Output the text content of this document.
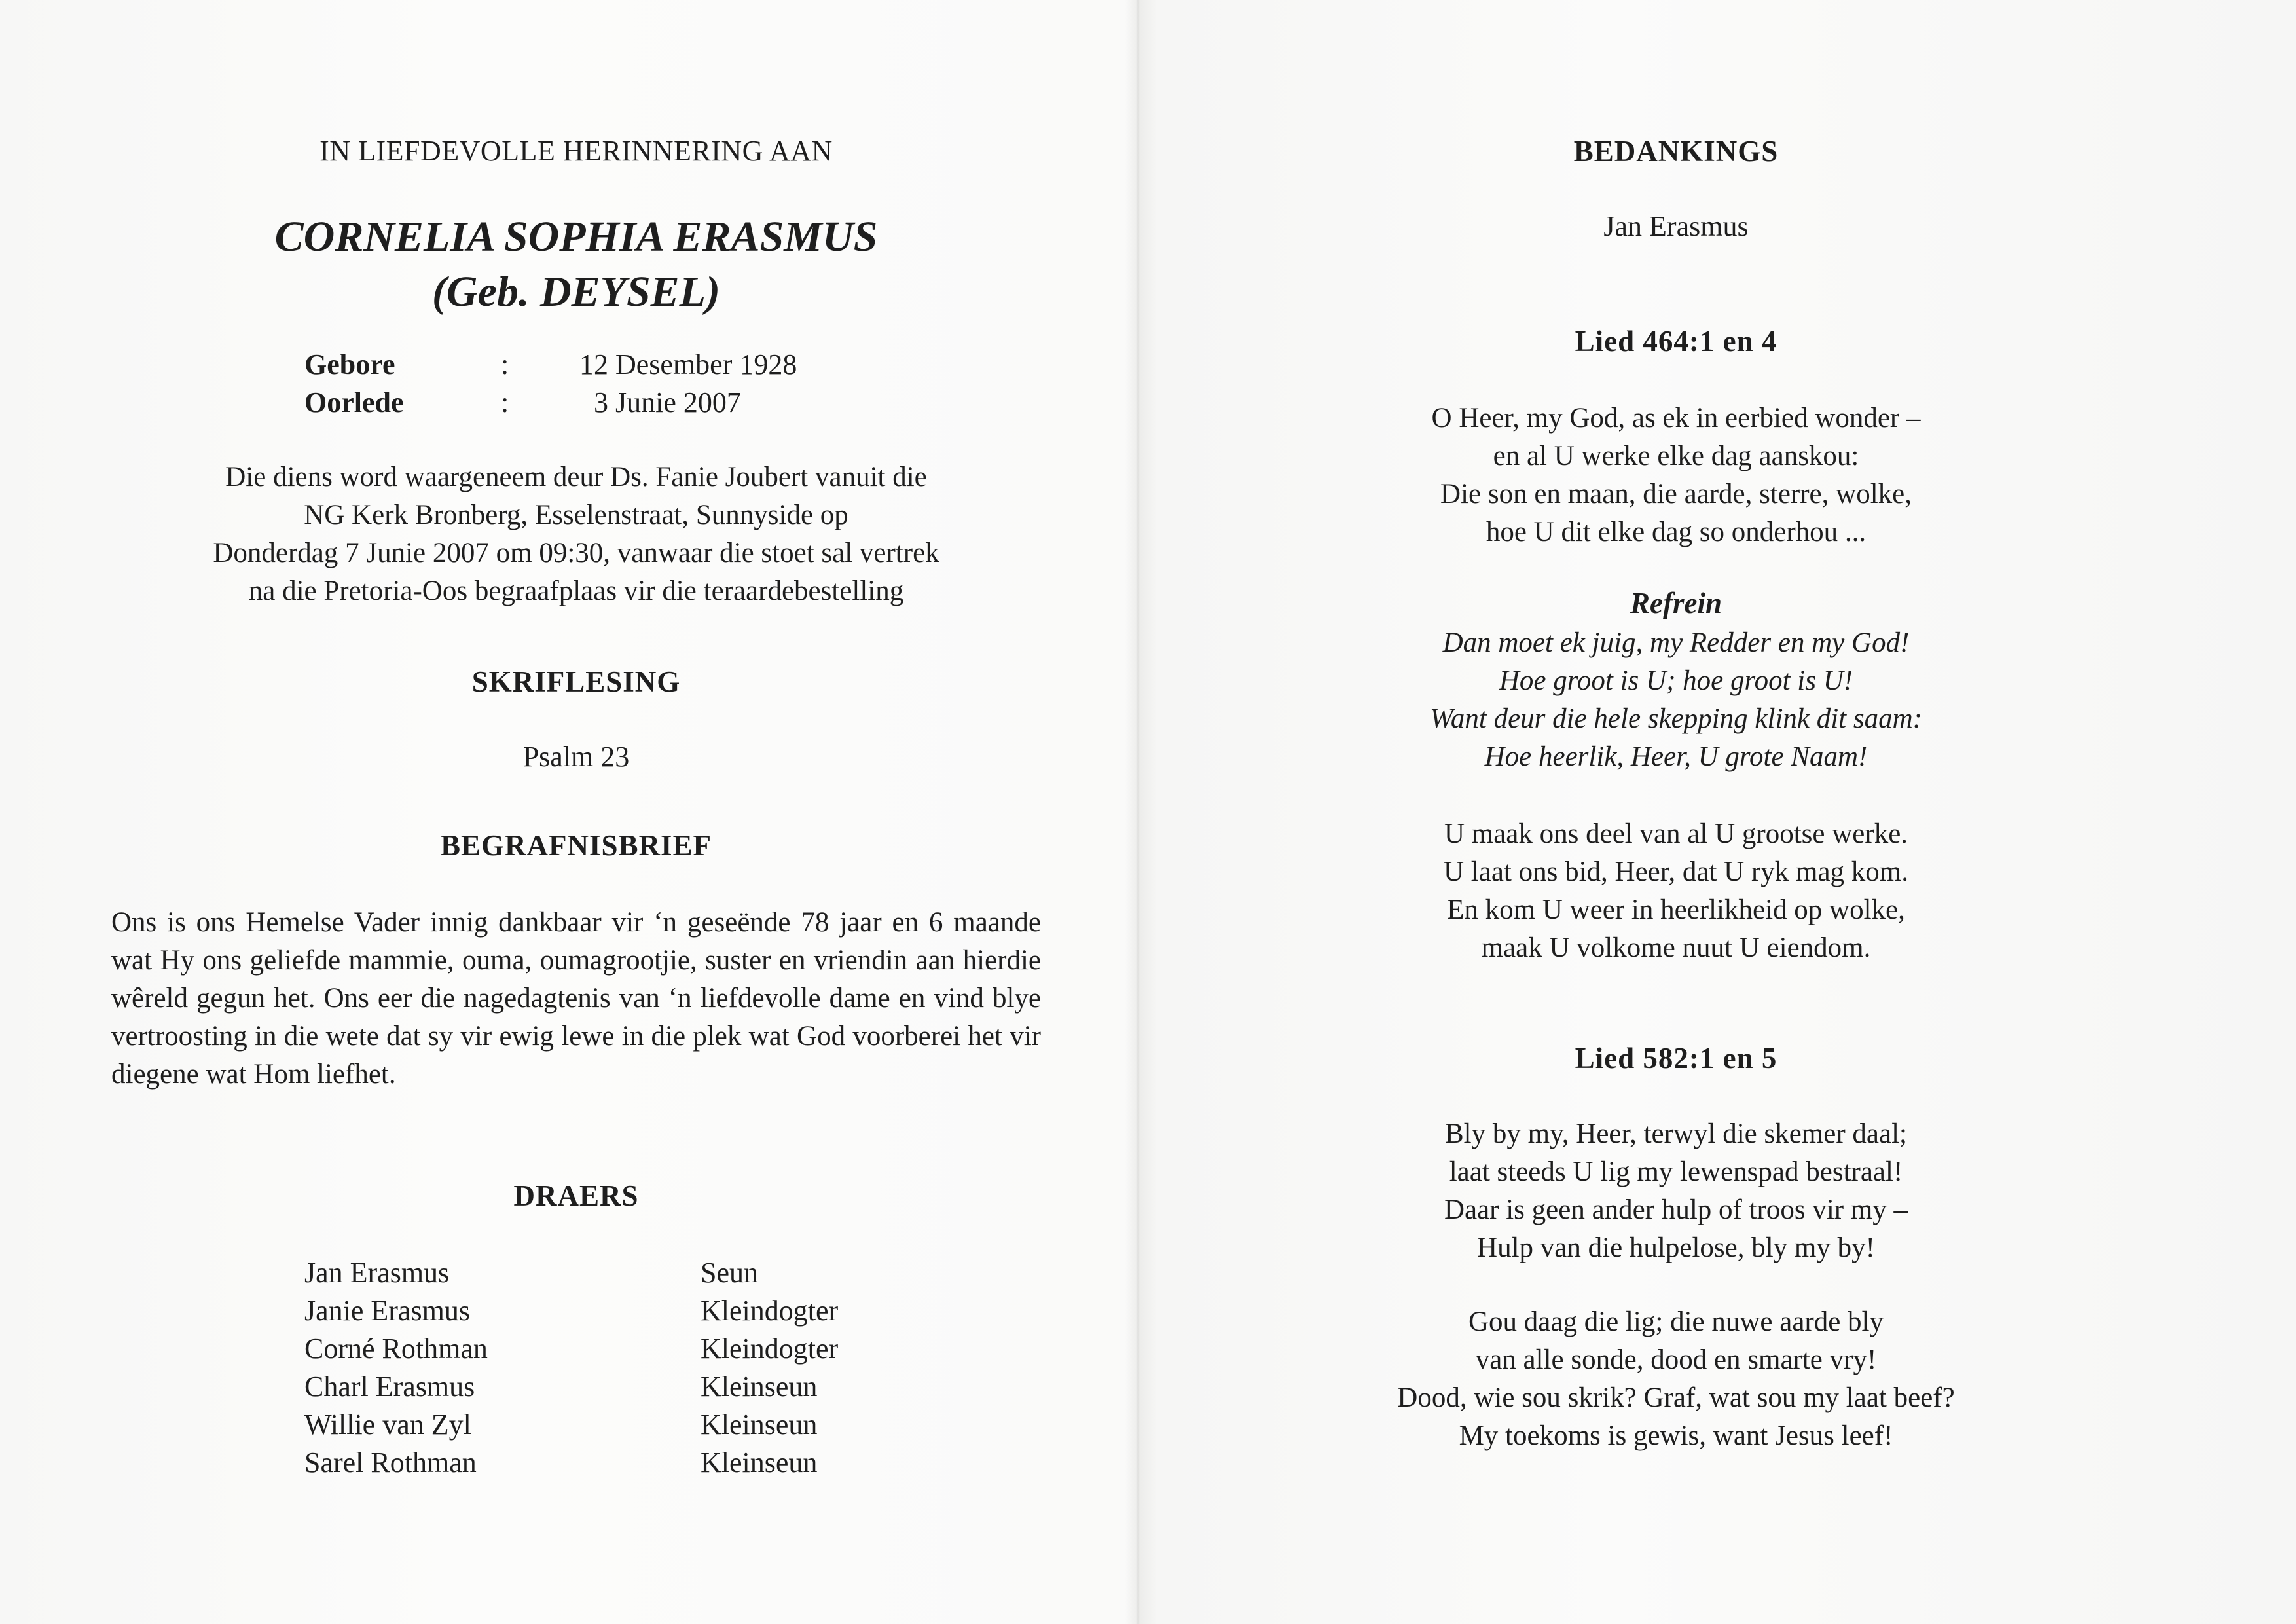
IN LIEFDEVOLLE HERINNERING AAN
CORNELIA SOPHIA ERASMUS
(Geb. DEYSEL)
Gebore	:	12 Desember 1928
Oorlede	:	3 Junie 2007
Die diens word waargeneem deur Ds. Fanie Joubert vanuit die
NG Kerk Bronberg, Esselenstraat, Sunnyside op
Donderdag 7 Junie 2007 om 09:30, vanwaar die stoet sal vertrek
na die Pretoria-Oos begraafplaas vir die teraardebestelling
SKRIFLESING
Psalm 23
BEGRAFNISBRIEF
Ons is ons Hemelse Vader innig dankbaar vir ‘n geseënde 78 jaar en 6 maande wat Hy ons geliefde mammie, ouma, oumagrootjie, suster en vriendin aan hierdie wêreld gegun het. Ons eer die nagedagtenis van ‘n liefdevolle dame en vind blye vertroosting in die wete dat sy vir ewig lewe in die plek wat God voorberei het vir diegene wat Hom liefhet.
DRAERS
Jan Erasmus	Seun
Janie Erasmus	Kleindogter
Corné Rothman	Kleindogter
Charl Erasmus	Kleinseun
Willie van Zyl	Kleinseun
Sarel Rothman	Kleinseun
BEDANKINGS
Jan Erasmus
Lied 464:1 en 4
O Heer, my God, as ek in eerbied wonder –
en al U werke elke dag aanskou:
Die son en maan, die aarde, sterre, wolke,
hoe U dit elke dag so onderhou ...
Refrein
Dan moet ek juig, my Redder en my God!
Hoe groot is U; hoe groot is U!
Want deur die hele skepping klink dit saam:
Hoe heerlik, Heer, U grote Naam!
U maak ons deel van al U grootse werke.
U laat ons bid, Heer, dat U ryk mag kom.
En kom U weer in heerlikheid op wolke,
maak U volkome nuut U eiendom.
Lied 582:1 en 5
Bly by my, Heer, terwyl die skemer daal;
laat steeds U lig my lewenspad bestraal!
Daar is geen ander hulp of troos vir my –
Hulp van die hulpelose, bly my by!
Gou daag die lig; die nuwe aarde bly
van alle sonde, dood en smarte vry!
Dood, wie sou skrik? Graf, wat sou my laat beef?
My toekoms is gewis, want Jesus leef!
